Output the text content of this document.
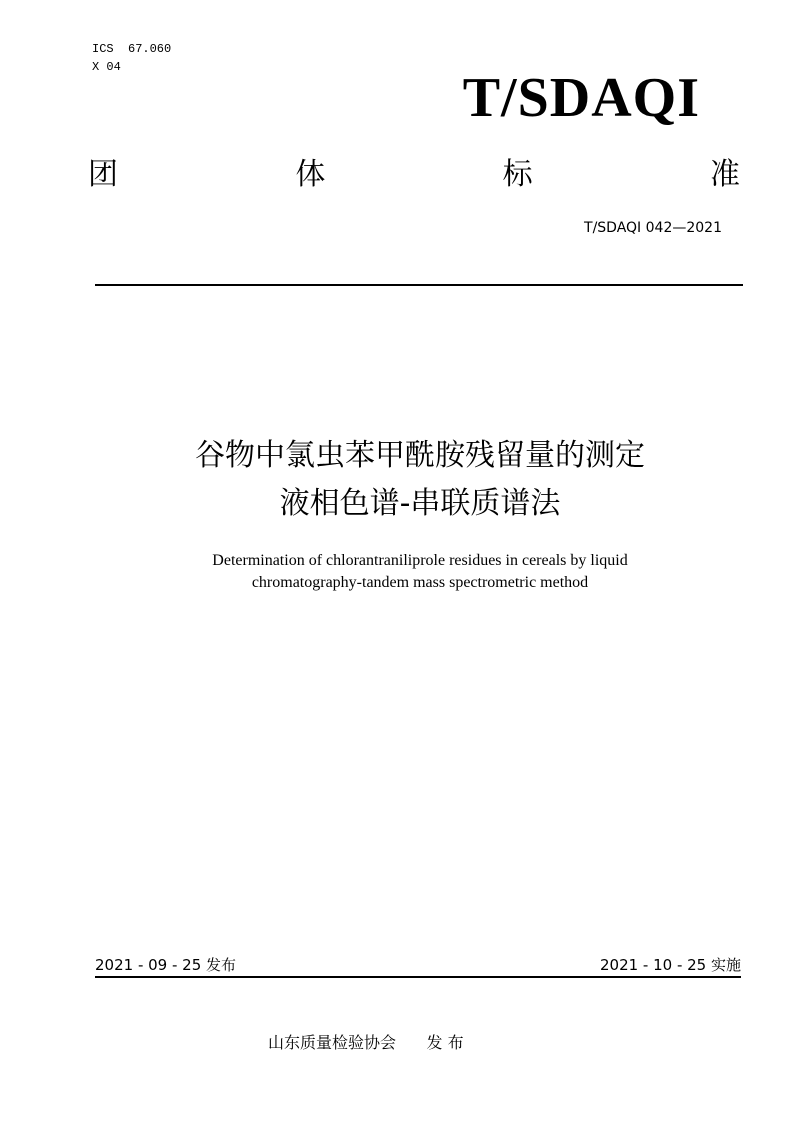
ICS  67.060
X 04	T/SDAQI
团	体	标	准
T/SDAQI 042—2021
谷物中氯虫苯甲酰胺残留量的测定
液相色谱-串联质谱法
Determination of chlorantraniliprole residues in cereals by liquid
chromatography-tandem mass spectrometric method
2021 - 09 - 25 发布	2021 - 10 - 25 实施
山东质量检验协会 发 布
